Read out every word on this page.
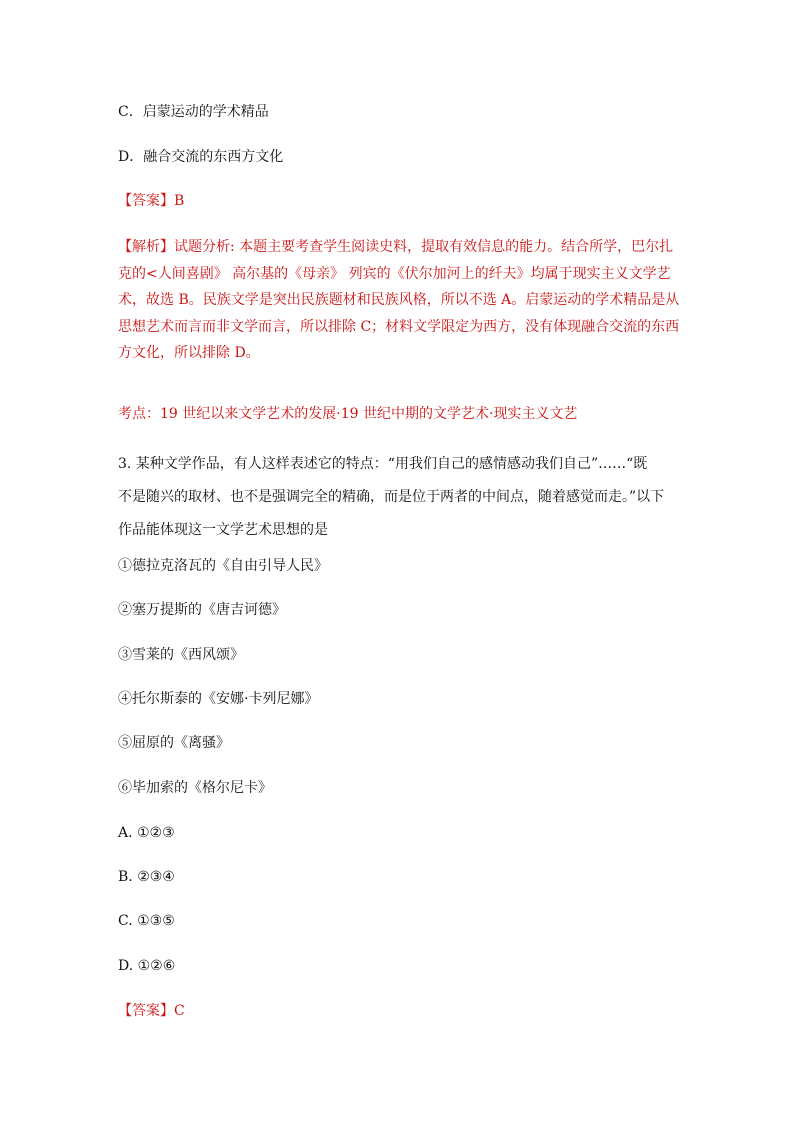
C．启蒙运动的学术精品

D．融合交流的东西方文化

【答案】B

【解析】试题分析: 本题主要考查学生阅读史料，提取有效信息的能力。结合所学，巴尔扎
克的<人间喜剧》 高尔基的《母亲》 列宾的《伏尔加河上的纤夫》均属于现实主义文学艺
术，故选 B。民族文学是突出民族题材和民族风格，所以不选 A。启蒙运动的学术精品是从
思想艺术而言而非文学而言，所以排除 C；材料文学限定为西方，没有体现融合交流的东西
方文化，所以排除 D。

考点：19 世纪以来文学艺术的发展·19 世纪中期的文学艺术·现实主义文艺

3. 某种文学作品，有人这样表述它的特点：“用我们自己的感情感动我们自己”……“既
不是随兴的取材、也不是强调完全的精确，而是位于两者的中间点，随着感觉而走。”以下
作品能体现这一文学艺术思想的是

①德拉克洛瓦的《自由引导人民》

②塞万提斯的《唐吉诃德》

③雪莱的《西风颂》

④托尔斯泰的《安娜·卡列尼娜》

⑤屈原的《离骚》

⑥毕加索的《格尔尼卡》

A. ①②③

B. ②③④

C. ①③⑤

D. ①②⑥

【答案】C
